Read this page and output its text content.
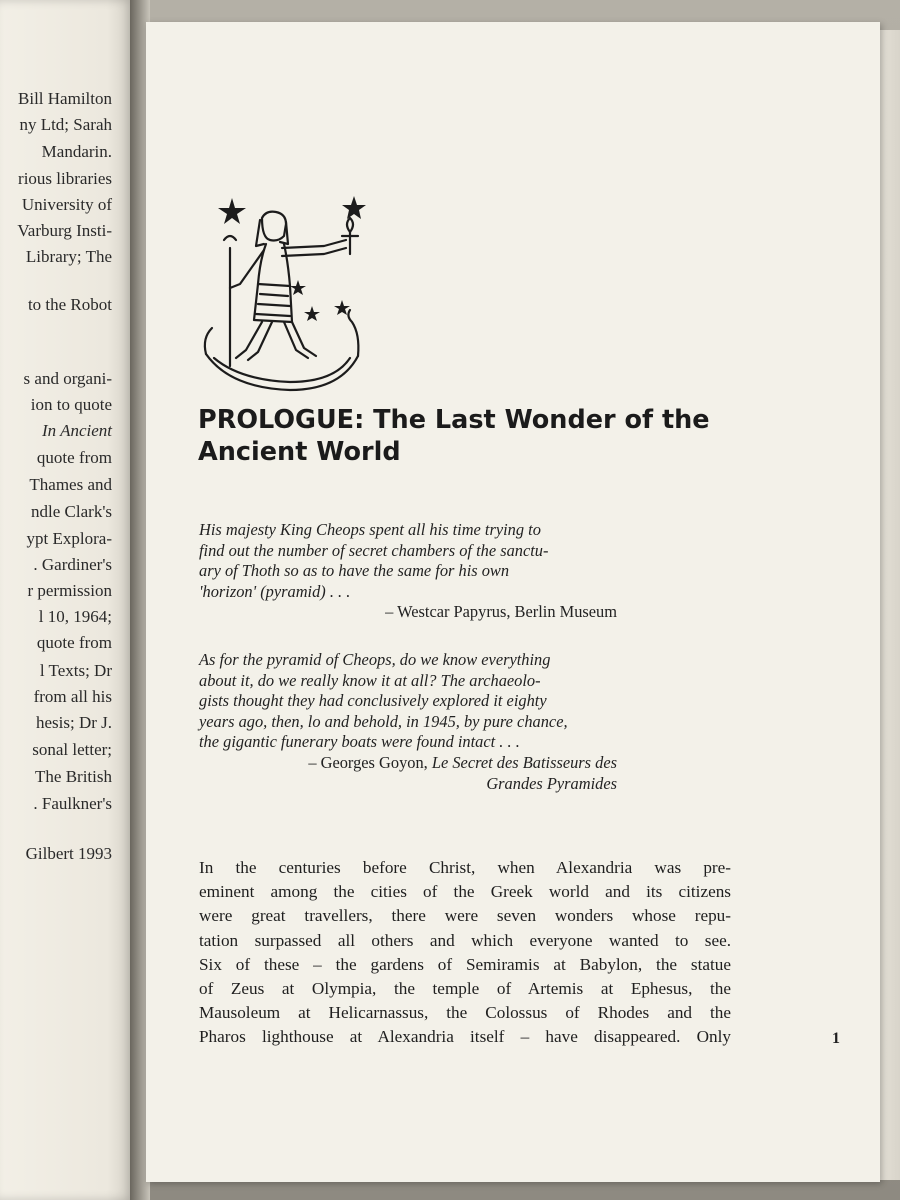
Bill Hamilton
ny Ltd; Sarah
Mandarin.
rious libraries
University of
Varburg Insti-
Library; The
to the Robot
s and organi-
ion to quote
In Ancient
quote from
Thames and
ndle Clark's
ypt Explora-
. Gardiner's
r permission
l 10, 1964;
quote from
l Texts; Dr
from all his
hesis; Dr J.
sonal letter;
The British
. Faulkner's
Gilbert 1993
PROLOGUE: The Last Wonder of the Ancient World
His majesty King Cheops spent all his time trying to
find out the number of secret chambers of the sanctu-
ary of Thoth so as to have the same for his own
'horizon' (pyramid) . . .
– Westcar Papyrus, Berlin Museum
As for the pyramid of Cheops, do we know everything
about it, do we really know it at all? The archaeolo-
gists thought they had conclusively explored it eighty
years ago, then, lo and behold, in 1945, by pure chance,
the gigantic funerary boats were found intact . . .
– Georges Goyon, Le Secret des Batisseurs des
Grandes Pyramides
In the centuries before Christ, when Alexandria was pre-
eminent among the cities of the Greek world and its citizens
were great travellers, there were seven wonders whose repu-
tation surpassed all others and which everyone wanted to see.
Six of these – the gardens of Semiramis at Babylon, the statue
of Zeus at Olympia, the temple of Artemis at Ephesus, the
Mausoleum at Helicarnassus, the Colossus of Rhodes and the
Pharos lighthouse at Alexandria itself – have disappeared. Only	1
